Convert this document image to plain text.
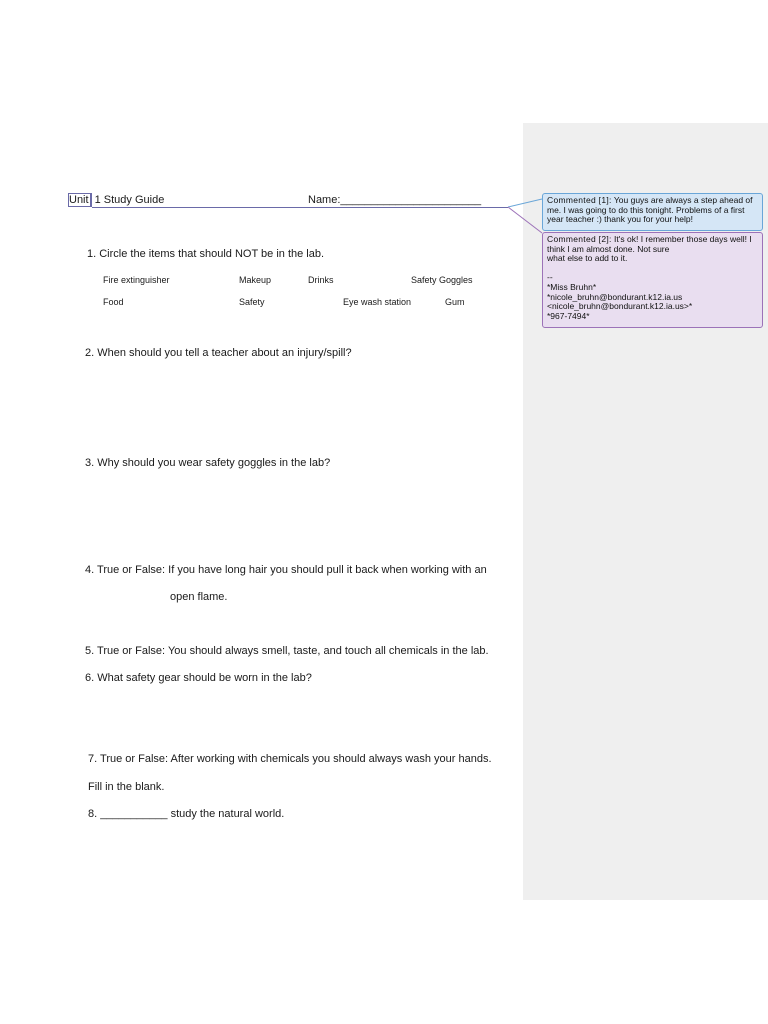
Unit 1 Study Guide	Name:_______________________
1. Circle the items that should NOT be in the lab.
Fire extinguisher	Makeup	Drinks	Safety Goggles
Food	Safety	Eye wash station	Gum
2. When should you tell a teacher about an injury/spill?
3. Why should you wear safety goggles in the lab?
4. True or False: If you have long hair you should pull it back when working with an
open flame.
5. True or False: You should always smell, taste, and touch all chemicals in the lab.
6. What safety gear should be worn in the lab?
7. True or False: After working with chemicals you should always wash your hands.
Fill in the blank.
8. ___________ study the natural world.
Commented [1]: You guys are always a step ahead of
me. I was going to do this tonight. Problems of a first
year teacher :) thank you for your help!
Commented [2]: It's ok! I remember those days well! I
think I am almost done. Not sure
what else to add to it.
--
*Miss Bruhn*
*nicole_bruhn@bondurant.k12.ia.us
<nicole_bruhn@bondurant.k12.ia.us>*
*967-7494*
